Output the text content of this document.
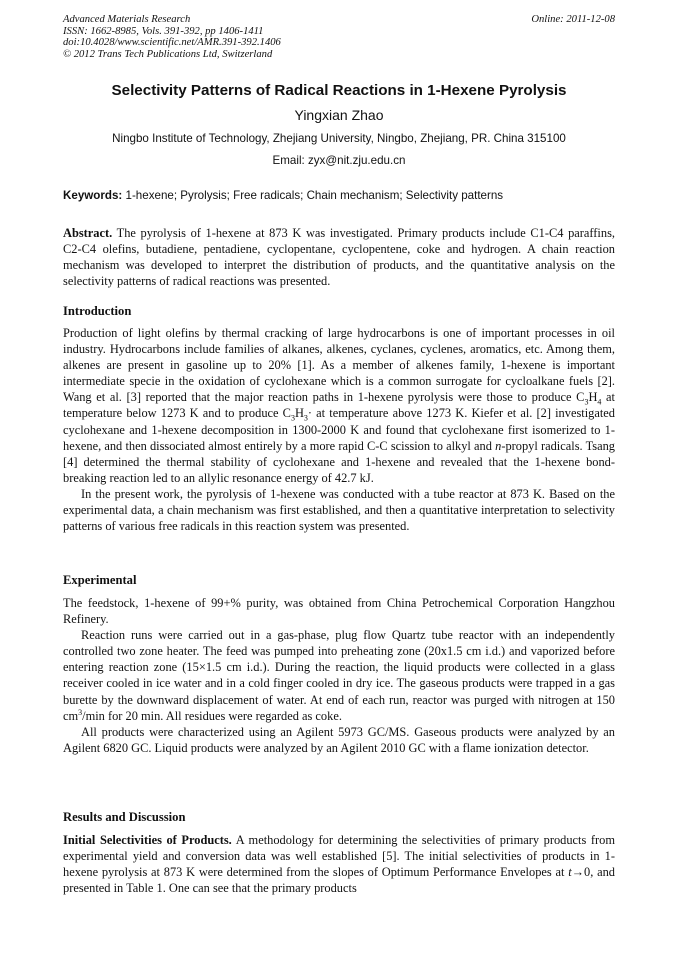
Advanced Materials Research
ISSN: 1662-8985, Vols. 391-392, pp 1406-1411
doi:10.4028/www.scientific.net/AMR.391-392.1406
© 2012 Trans Tech Publications Ltd, Switzerland
Online: 2011-12-08
Selectivity Patterns of Radical Reactions in 1-Hexene Pyrolysis
Yingxian Zhao
Ningbo Institute of Technology, Zhejiang University, Ningbo, Zhejiang, PR. China 315100
Email: zyx@nit.zju.edu.cn
Keywords: 1-hexene; Pyrolysis; Free radicals; Chain mechanism; Selectivity patterns

Abstract. The pyrolysis of 1-hexene at 873 K was investigated. Primary products include C1-C4 paraffins, C2-C4 olefins, butadiene, pentadiene, cyclopentane, cyclopentene, coke and hydrogen. A chain reaction mechanism was developed to interpret the distribution of products, and the quantitative analysis on the selectivity patterns of radical reactions was presented.

Introduction

Production of light olefins by thermal cracking of large hydrocarbons is one of important processes in oil industry. Hydrocarbons include families of alkanes, alkenes, cyclanes, cyclenes, aromatics, etc. Among them, alkenes are present in gasoline up to 20% [1]. As a member of alkenes family, 1-hexene is important intermediate specie in the oxidation of cyclohexane which is a common surrogate for cycloalkane fuels [2]. Wang et al. [3] reported that the major reaction paths in 1-hexene pyrolysis were those to produce $C_3H_4$ at temperature below 1273 K and to produce $C_3H_3\cdot$ at temperature above 1273 K. Kiefer et al. [2] investigated cyclohexane and 1-hexene decomposition in 1300-2000 K and found that cyclohexane first isomerized to 1-hexene, and then dissociated almost entirely by a more rapid C-C scission to alkyl and n-propyl radicals. Tsang [4] determined the thermal stability of cyclohexane and 1-hexene and revealed that the 1-hexene bond-breaking reaction led to an allylic resonance energy of 42.7 kJ.

In the present work, the pyrolysis of 1-hexene was conducted with a tube reactor at 873 K. Based on the experimental data, a chain mechanism was first established, and then a quantitative interpretation to selectivity patterns of various free radicals in this reaction system was presented.

Experimental

The feedstock, 1-hexene of 99+% purity, was obtained from China Petrochemical Corporation Hangzhou Refinery.

Reaction runs were carried out in a gas-phase, plug flow Quartz tube reactor with an independently controlled two zone heater. The feed was pumped into preheating zone (20x1.5 cm i.d.) and vaporized before entering reaction zone (15×1.5 cm i.d.). During the reaction, the liquid products were collected in a glass receiver cooled in ice water and in a cold finger cooled in dry ice. The gaseous products were trapped in a gas burette by the downward displacement of water. At end of each run, reactor was purged with nitrogen at 150 $cm^3/\min$ for 20 min. All residues were regarded as coke.

All products were characterized using an Agilent 5973 GC/MS. Gaseous products were analyzed by an Agilent 6820 GC. Liquid products were analyzed by an Agilent 2010 GC with a flame ionization detector.

Results and Discussion

Initial Selectivities of Products. A methodology for determining the selectivities of primary products from experimental yield and conversion data was well established [5]. The initial selectivities of products in 1-hexene pyrolysis at 873 K were determined from the slopes of Optimum Performance Envelopes at t→0, and presented in Table 1. One can see that the primary products
